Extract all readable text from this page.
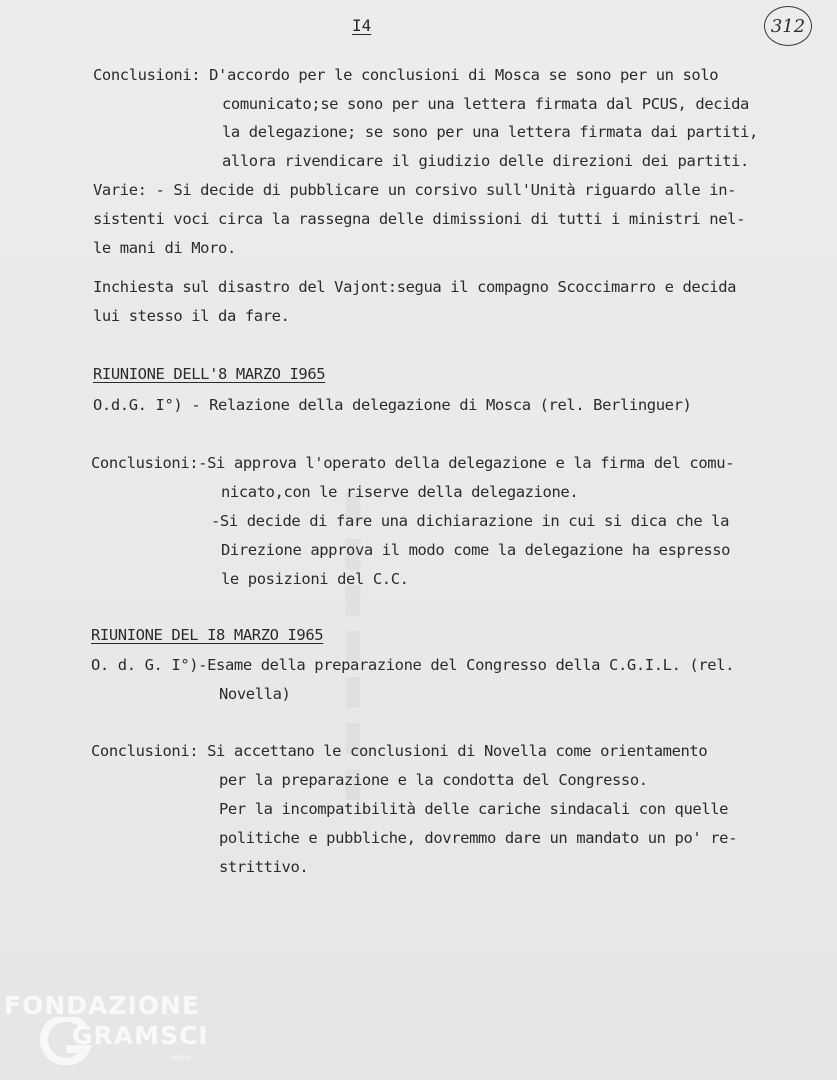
▮▮▮▮▮▮▮
I4	312
Conclusioni: D'accordo per le conclusioni di Mosca se sono per un solo
comunicato;se sono per una lettera firmata dal PCUS, decida
la delegazione; se sono per una lettera firmata dai partiti,
allora rivendicare il giudizio delle direzioni dei partiti.
Varie: - Si decide di pubblicare un corsivo sull'Unità riguardo alle in-
sistenti voci circa la rassegna delle dimissioni di tutti i ministri nel-
le mani di Moro.
Inchiesta sul disastro del Vajont:segua il compagno Scoccimarro e decida
lui stesso il da fare.
RIUNIONE DELL'8 MARZO I965
O.d.G. I°) - Relazione della delegazione di Mosca (rel. Berlinguer)
Conclusioni:-Si approva l'operato della delegazione e la firma del comu-
nicato,con le riserve della delegazione.
-Si decide di fare una dichiarazione in cui si dica che la
Direzione approva il modo come la delegazione ha espresso
le posizioni del C.C.
RIUNIONE DEL I8 MARZO I965
O. d. G. I°)-Esame della preparazione del Congresso della C.G.I.L. (rel.
Novella)
Conclusioni: Si accettano le conclusioni di Novella come orientamento
per la preparazione e la condotta del Congresso.
Per la incompatibilità delle cariche sindacali con quelle
politiche e pubbliche, dovremmo dare un mandato un po' re-
strittivo.
FONDAZIONE
GRAMSCI
onlus
